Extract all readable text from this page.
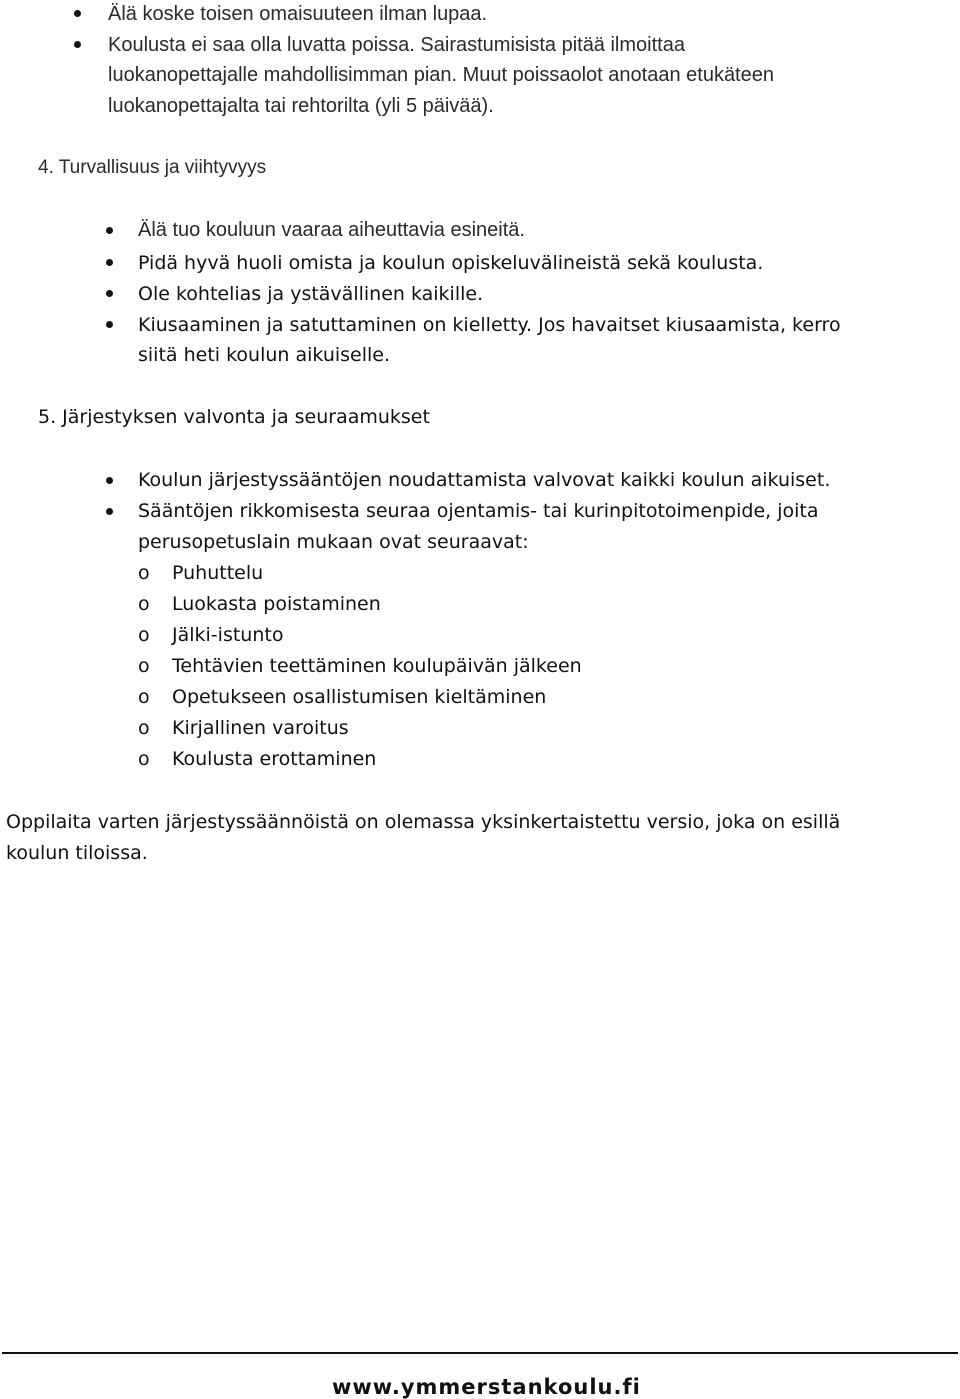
Älä koske toisen omaisuuteen ilman lupaa.
Koulusta ei saa olla luvatta poissa. Sairastumisista pitää ilmoittaa
luokanopettajalle mahdollisimman pian. Muut poissaolot anotaan etukäteen
luokanopettajalta tai rehtorilta (yli 5 päivää).
4. Turvallisuus ja viihtyvyys
Älä tuo kouluun vaaraa aiheuttavia esineitä.
Pidä hyvä huoli omista ja koulun opiskeluvälineistä sekä koulusta.
Ole kohtelias ja ystävällinen kaikille.
Kiusaaminen ja satuttaminen on kielletty. Jos havaitset kiusaamista, kerro
siitä heti koulun aikuiselle.
5. Järjestyksen valvonta ja seuraamukset
Koulun järjestyssääntöjen noudattamista valvovat kaikki koulun aikuiset.
Sääntöjen rikkomisesta seuraa ojentamis- tai kurinpitotoimenpide, joita
perusopetuslain mukaan ovat seuraavat:
o Puhuttelu
o Luokasta poistaminen
o Jälki-istunto
o Tehtävien teettäminen koulupäivän jälkeen
o Opetukseen osallistumisen kieltäminen
o Kirjallinen varoitus
o Koulusta erottaminen
Oppilaita varten järjestyssäännöistä on olemassa yksinkertaistettu versio, joka on esillä
koulun tiloissa.
www.ymmerstankoulu.fi
